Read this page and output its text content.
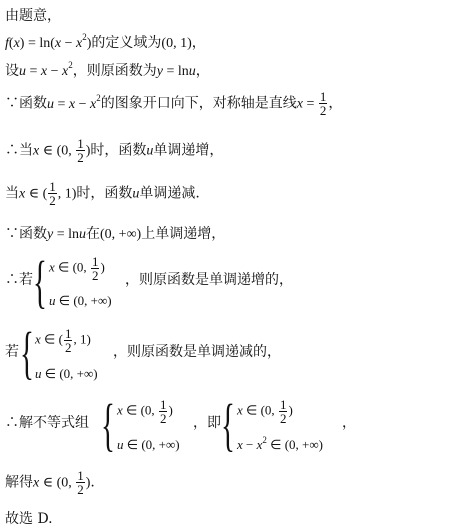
由题意，
$f(x) = \ln(x - x^2)$的定义域为(0, 1)，
设$u = x - x^2$，则原函数为y = lnu，
∵函数$u = x - x^2$的图象开口向下，对称轴是直线$x = \frac{1}{2}$ ，
∴当x ∈ (0, $\frac{1}{2}$ )时，函数u单调递增，
当x ∈ ( $\frac{1}{2}$ , 1)时，函数u单调递减.
∵函数y = lnu在(0, +∞)上单调递增，
∴若 { x ∈ (0, $\frac{1}{2}$ )
u ∈ (0, +∞)
，则原函数是单调递增的，
若 { x ∈ ( $\frac{1}{2}$ , 1)
u ∈ (0, +∞)
，则原函数是单调递减的，
∴解不等式组 { x ∈ (0, $\frac{1}{2}$ )
u ∈ (0, +∞)
，即 { x ∈ (0, $\frac{1}{2}$ )
$x - x^2$ ∈ (0, +∞)
，
解得x ∈ (0, $\frac{1}{2}$ ).
故选 D.
